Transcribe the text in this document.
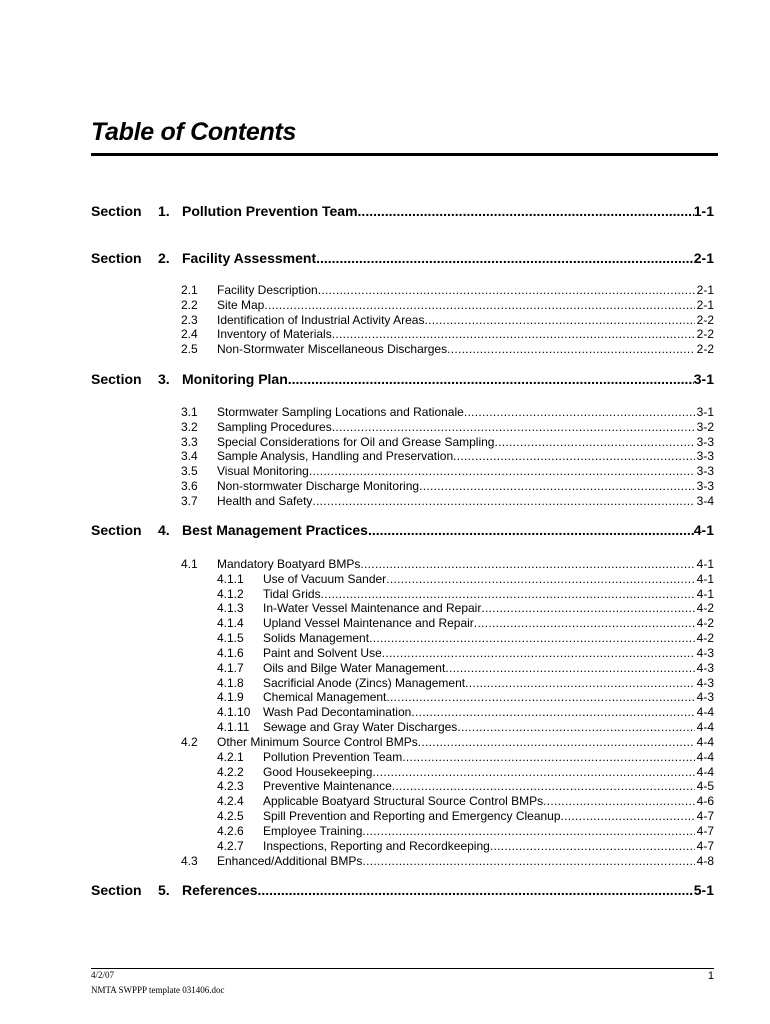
Table of Contents
Section	1. Pollution Prevention Team .....	1-1
Section	2. Facility Assessment .....	2-1
2.1	Facility Description .....	2-1
2.2	Site Map .....	2-1
2.3	Identification of Industrial Activity Areas .....	2-2
2.4	Inventory of Materials .....	2-2
2.5	Non-Stormwater Miscellaneous Discharges .....	2-2
Section	3. Monitoring Plan .....	3-1
3.1	Stormwater Sampling Locations and Rationale .....	3-1
3.2	Sampling Procedures .....	3-2
3.3	Special Considerations for Oil and Grease Sampling .....	3-3
3.4	Sample Analysis, Handling and Preservation .....	3-3
3.5	Visual Monitoring .....	3-3
3.6	Non-stormwater Discharge Monitoring .....	3-3
3.7	Health and Safety .....	3-4
Section	4. Best Management Practices .....	4-1
4.1	Mandatory Boatyard BMPs .....	4-1
4.1.1	Use of Vacuum Sander .....	4-1
4.1.2	Tidal Grids .....	4-1
4.1.3	In-Water Vessel Maintenance and Repair .....	4-2
4.1.4	Upland Vessel Maintenance and Repair .....	4-2
4.1.5	Solids Management .....	4-2
4.1.6	Paint and Solvent Use .....	4-3
4.1.7	Oils and Bilge Water Management .....	4-3
4.1.8	Sacrificial Anode (Zincs) Management .....	4-3
4.1.9	Chemical Management .....	4-3
4.1.10	Wash Pad Decontamination .....	4-4
4.1.11	Sewage and Gray Water Discharges .....	4-4
4.2	Other Minimum Source Control BMPs .....	4-4
4.2.1	Pollution Prevention Team .....	4-4
4.2.2	Good Housekeeping .....	4-4
4.2.3	Preventive Maintenance .....	4-5
4.2.4	Applicable Boatyard Structural Source Control BMPs .....	4-6
4.2.5	Spill Prevention and Reporting and Emergency Cleanup .....	4-7
4.2.6	Employee Training .....	4-7
4.2.7	Inspections, Reporting and Recordkeeping .....	4-7
4.3	Enhanced/Additional BMPs .....	4-8
Section	5. References .....	5-1

4/2/07

NMTA SWPPP template 031406.doc

1
